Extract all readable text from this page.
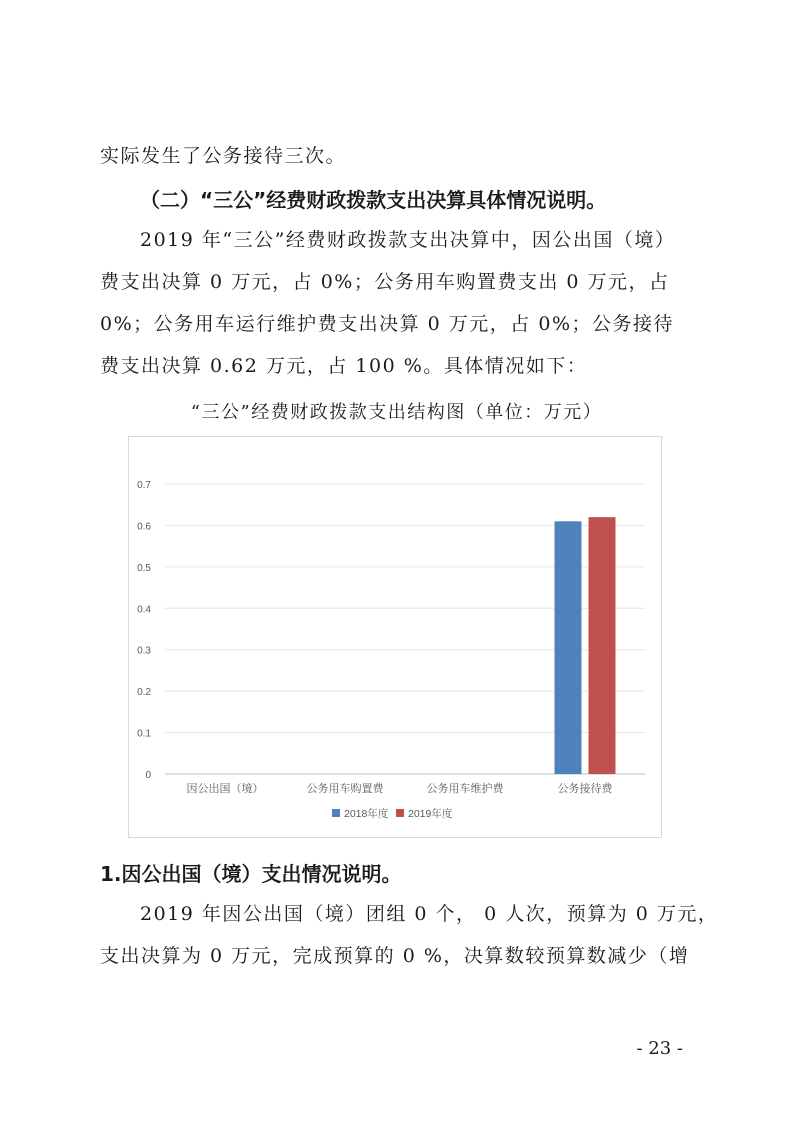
实际发生了公务接待三次。
（二）“三公”经费财政拨款支出决算具体情况说明。
2019 年“三公”经费财政拨款支出决算中，因公出国（境）
费支出决算 0 万元，占 0%；公务用车购置费支出 0 万元，占
0%；公务用车运行维护费支出决算 0 万元，占 0%；公务接待
费支出决算 0.62 万元，占 100 %。具体情况如下：
“三公”经费财政拨款支出结构图（单位：万元）
0
0.1
0.2
0.3
0.4
0.5
0.6
0.7
因公出国（境）	公务用车购置费	公务用车维护费	公务接待费
2018年度 2019年度
1.因公出国（境）支出情况说明。
2019 年因公出国（境）团组 0 个， 0 人次，预算为 0 万元，
支出决算为 0 万元，完成预算的 0 %，决算数较预算数减少（增
- 23 -
